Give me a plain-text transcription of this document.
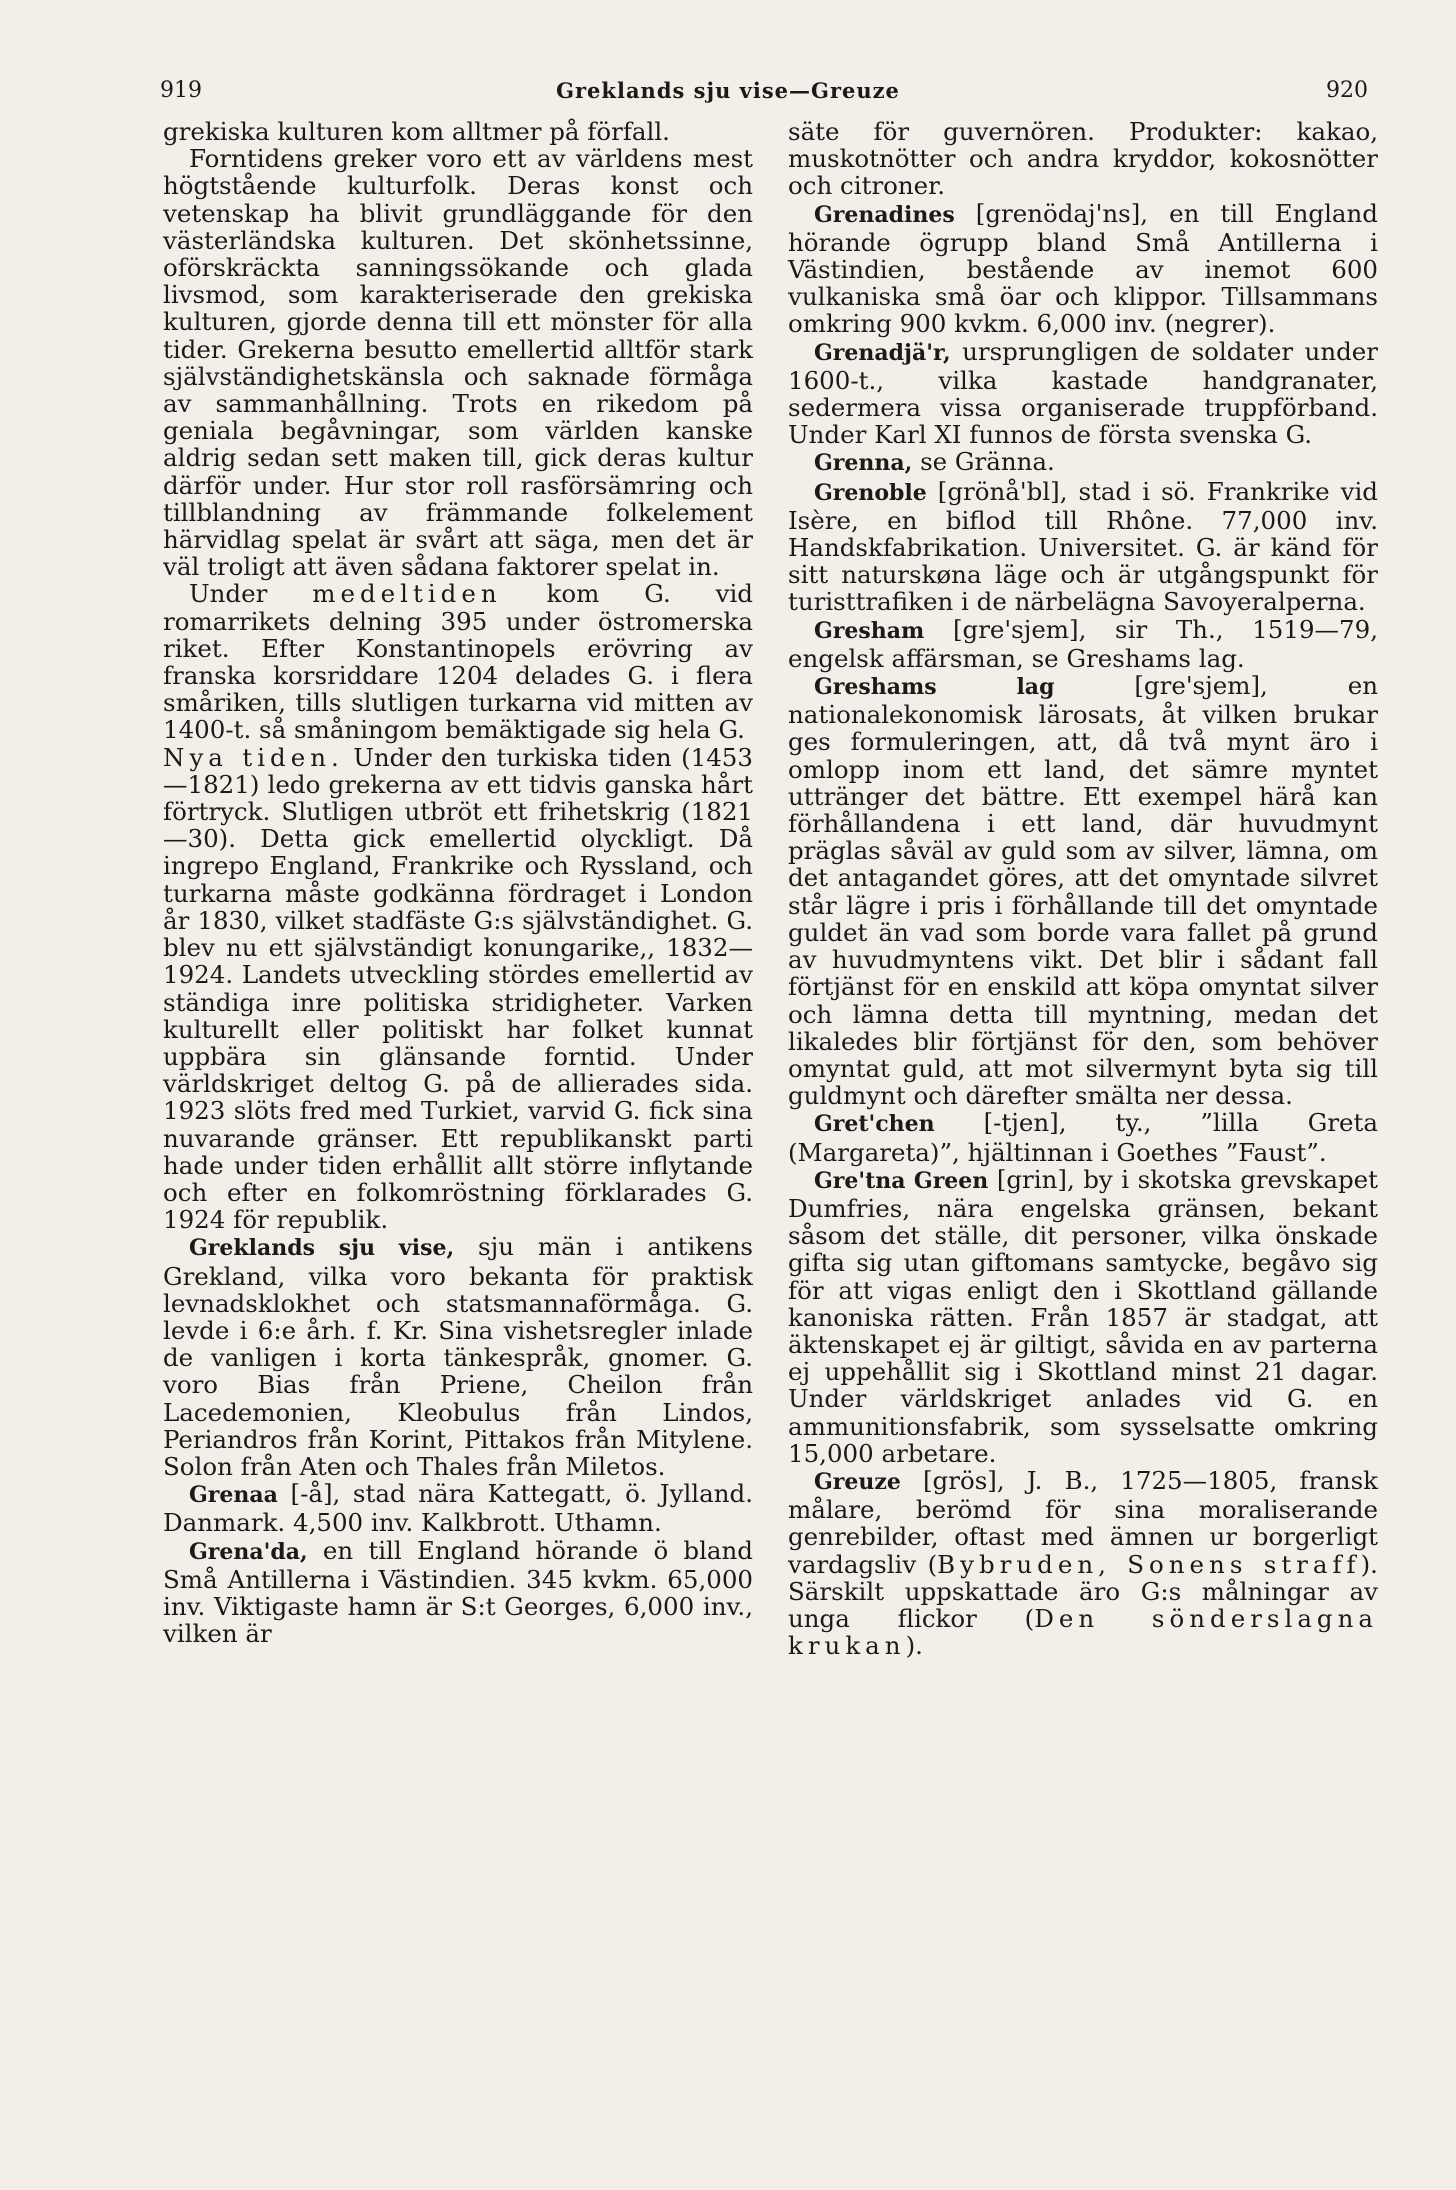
919	Greklands sju vise—Greuze	920

grekiska kulturen kom alltmer på förfall.

Forntidens greker voro ett av världens mest högtstående kulturfolk. Deras konst och vetenskap ha blivit grundläggande för den västerländska kulturen. Det skönhetssinne, oförskräckta sanningssökande och glada livsmod, som karakteriserade den grekiska kulturen, gjorde denna till ett mönster för alla tider. Grekerna besutto emellertid alltför stark självständighetskänsla och saknade förmåga av sammanhållning. Trots en rikedom på geniala begåvningar, som världen kanske aldrig sedan sett maken till, gick deras kultur därför under. Hur stor roll rasförsämring och tillblandning av främmande folkelement härvidlag spelat är svårt att säga, men det är väl troligt att även sådana faktorer spelat in.

Under medeltiden kom G. vid romarrikets delning 395 under östromerska riket. Efter Konstantinopels erövring av franska korsriddare 1204 delades G. i flera småriken, tills slutligen turkarna vid mitten av 1400-t. så småningom bemäktigade sig hela G.

Nya tiden. Under den turkiska tiden (1453—1821) ledo grekerna av ett tidvis ganska hårt förtryck. Slutligen utbröt ett frihetskrig (1821—30). Detta gick emellertid olyckligt. Då ingrepo England, Frankrike och Ryssland, och turkarna måste godkänna fördraget i London år 1830, vilket stadfäste G:s självständighet. G. blev nu ett självständigt konungarike,, 1832—1924. Landets utveckling stördes emellertid av ständiga inre politiska stridigheter. Varken kulturellt eller politiskt har folket kunnat uppbära sin glänsande forntid. Under världskriget deltog G. på de allierades sida. 1923 slöts fred med Turkiet, varvid G. fick sina nuvarande gränser. Ett republikanskt parti hade under tiden erhållit allt större inflytande och efter en folkomröstning förklarades G. 1924 för republik.

Greklands sju vise, sju män i antikens Grekland, vilka voro bekanta för praktisk levnadsklokhet och statsmannaförmåga. G. levde i 6:e årh. f. Kr. Sina vishetsregler inlade de vanligen i korta tänkespråk, gnomer. G. voro Bias från Priene, Cheilon från Lacedemonien, Kleobulus från Lindos, Periandros från Korint, Pittakos från Mitylene. Solon från Aten och Thales från Miletos.

Grenaa [-å], stad nära Kattegatt, ö. Jylland. Danmark. 4,500 inv. Kalkbrott. Uthamn.

Grena'da, en till England hörande ö bland Små Antillerna i Västindien. 345 kvkm. 65,000 inv. Viktigaste hamn är S:t Georges, 6,000 inv., vilken är

säte för guvernören. Produkter: kakao, muskotnötter och andra kryddor, kokosnötter och citroner.

Grenadines [grenödaj'ns], en till England hörande ögrupp bland Små Antillerna i Västindien, bestående av inemot 600 vulkaniska små öar och klippor. Tillsammans omkring 900 kvkm. 6,000 inv. (negrer).

Grenadjä'r, ursprungligen de soldater under 1600-t., vilka kastade handgranater, sedermera vissa organiserade truppförband. Under Karl XI funnos de första svenska G.

Grenna, se Gränna.

Grenoble [grönå'bl], stad i sö. Frankrike vid Isère, en biflod till Rhône. 77,000 inv. Handskfabrikation. Universitet. G. är känd för sitt naturskøna läge och är utgångspunkt för turisttrafiken i de närbelägna Savoyeralperna.

Gresham [gre'sjem], sir Th., 1519—79, engelsk affärsman, se Greshams lag.

Greshams lag [gre'sjem], en nationalekonomisk lärosats, åt vilken brukar ges formuleringen, att, då två mynt äro i omlopp inom ett land, det sämre myntet uttränger det bättre. Ett exempel härå kan förhållandena i ett land, där huvudmynt präglas såväl av guld som av silver, lämna, om det antagandet göres, att det omyntade silvret står lägre i pris i förhållande till det omyntade guldet än vad som borde vara fallet på grund av huvudmyntens vikt. Det blir i sådant fall förtjänst för en enskild att köpa omyntat silver och lämna detta till myntning, medan det likaledes blir förtjänst för den, som behöver omyntat guld, att mot silvermynt byta sig till guldmynt och därefter smälta ner dessa.

Gret'chen [-tjen], ty., ”lilla Greta (Margareta)”, hjältinnan i Goethes ”Faust”.

Gre'tna Green [grin], by i skotska grevskapet Dumfries, nära engelska gränsen, bekant såsom det ställe, dit personer, vilka önskade gifta sig utan giftomans samtycke, begåvo sig för att vigas enligt den i Skottland gällande kanoniska rätten. Från 1857 är stadgat, att äktenskapet ej är giltigt, såvida en av parterna ej uppehållit sig i Skottland minst 21 dagar. Under världskriget anlades vid G. en ammunitionsfabrik, som sysselsatte omkring 15,000 arbetare.

Greuze [grös], J. B., 1725—1805, fransk målare, berömd för sina moraliserande genrebilder, oftast med ämnen ur borgerligt vardagsliv (Bybruden, Sonens straff). Särskilt uppskattade äro G:s målningar av unga flickor (Den sönderslagna krukan).
